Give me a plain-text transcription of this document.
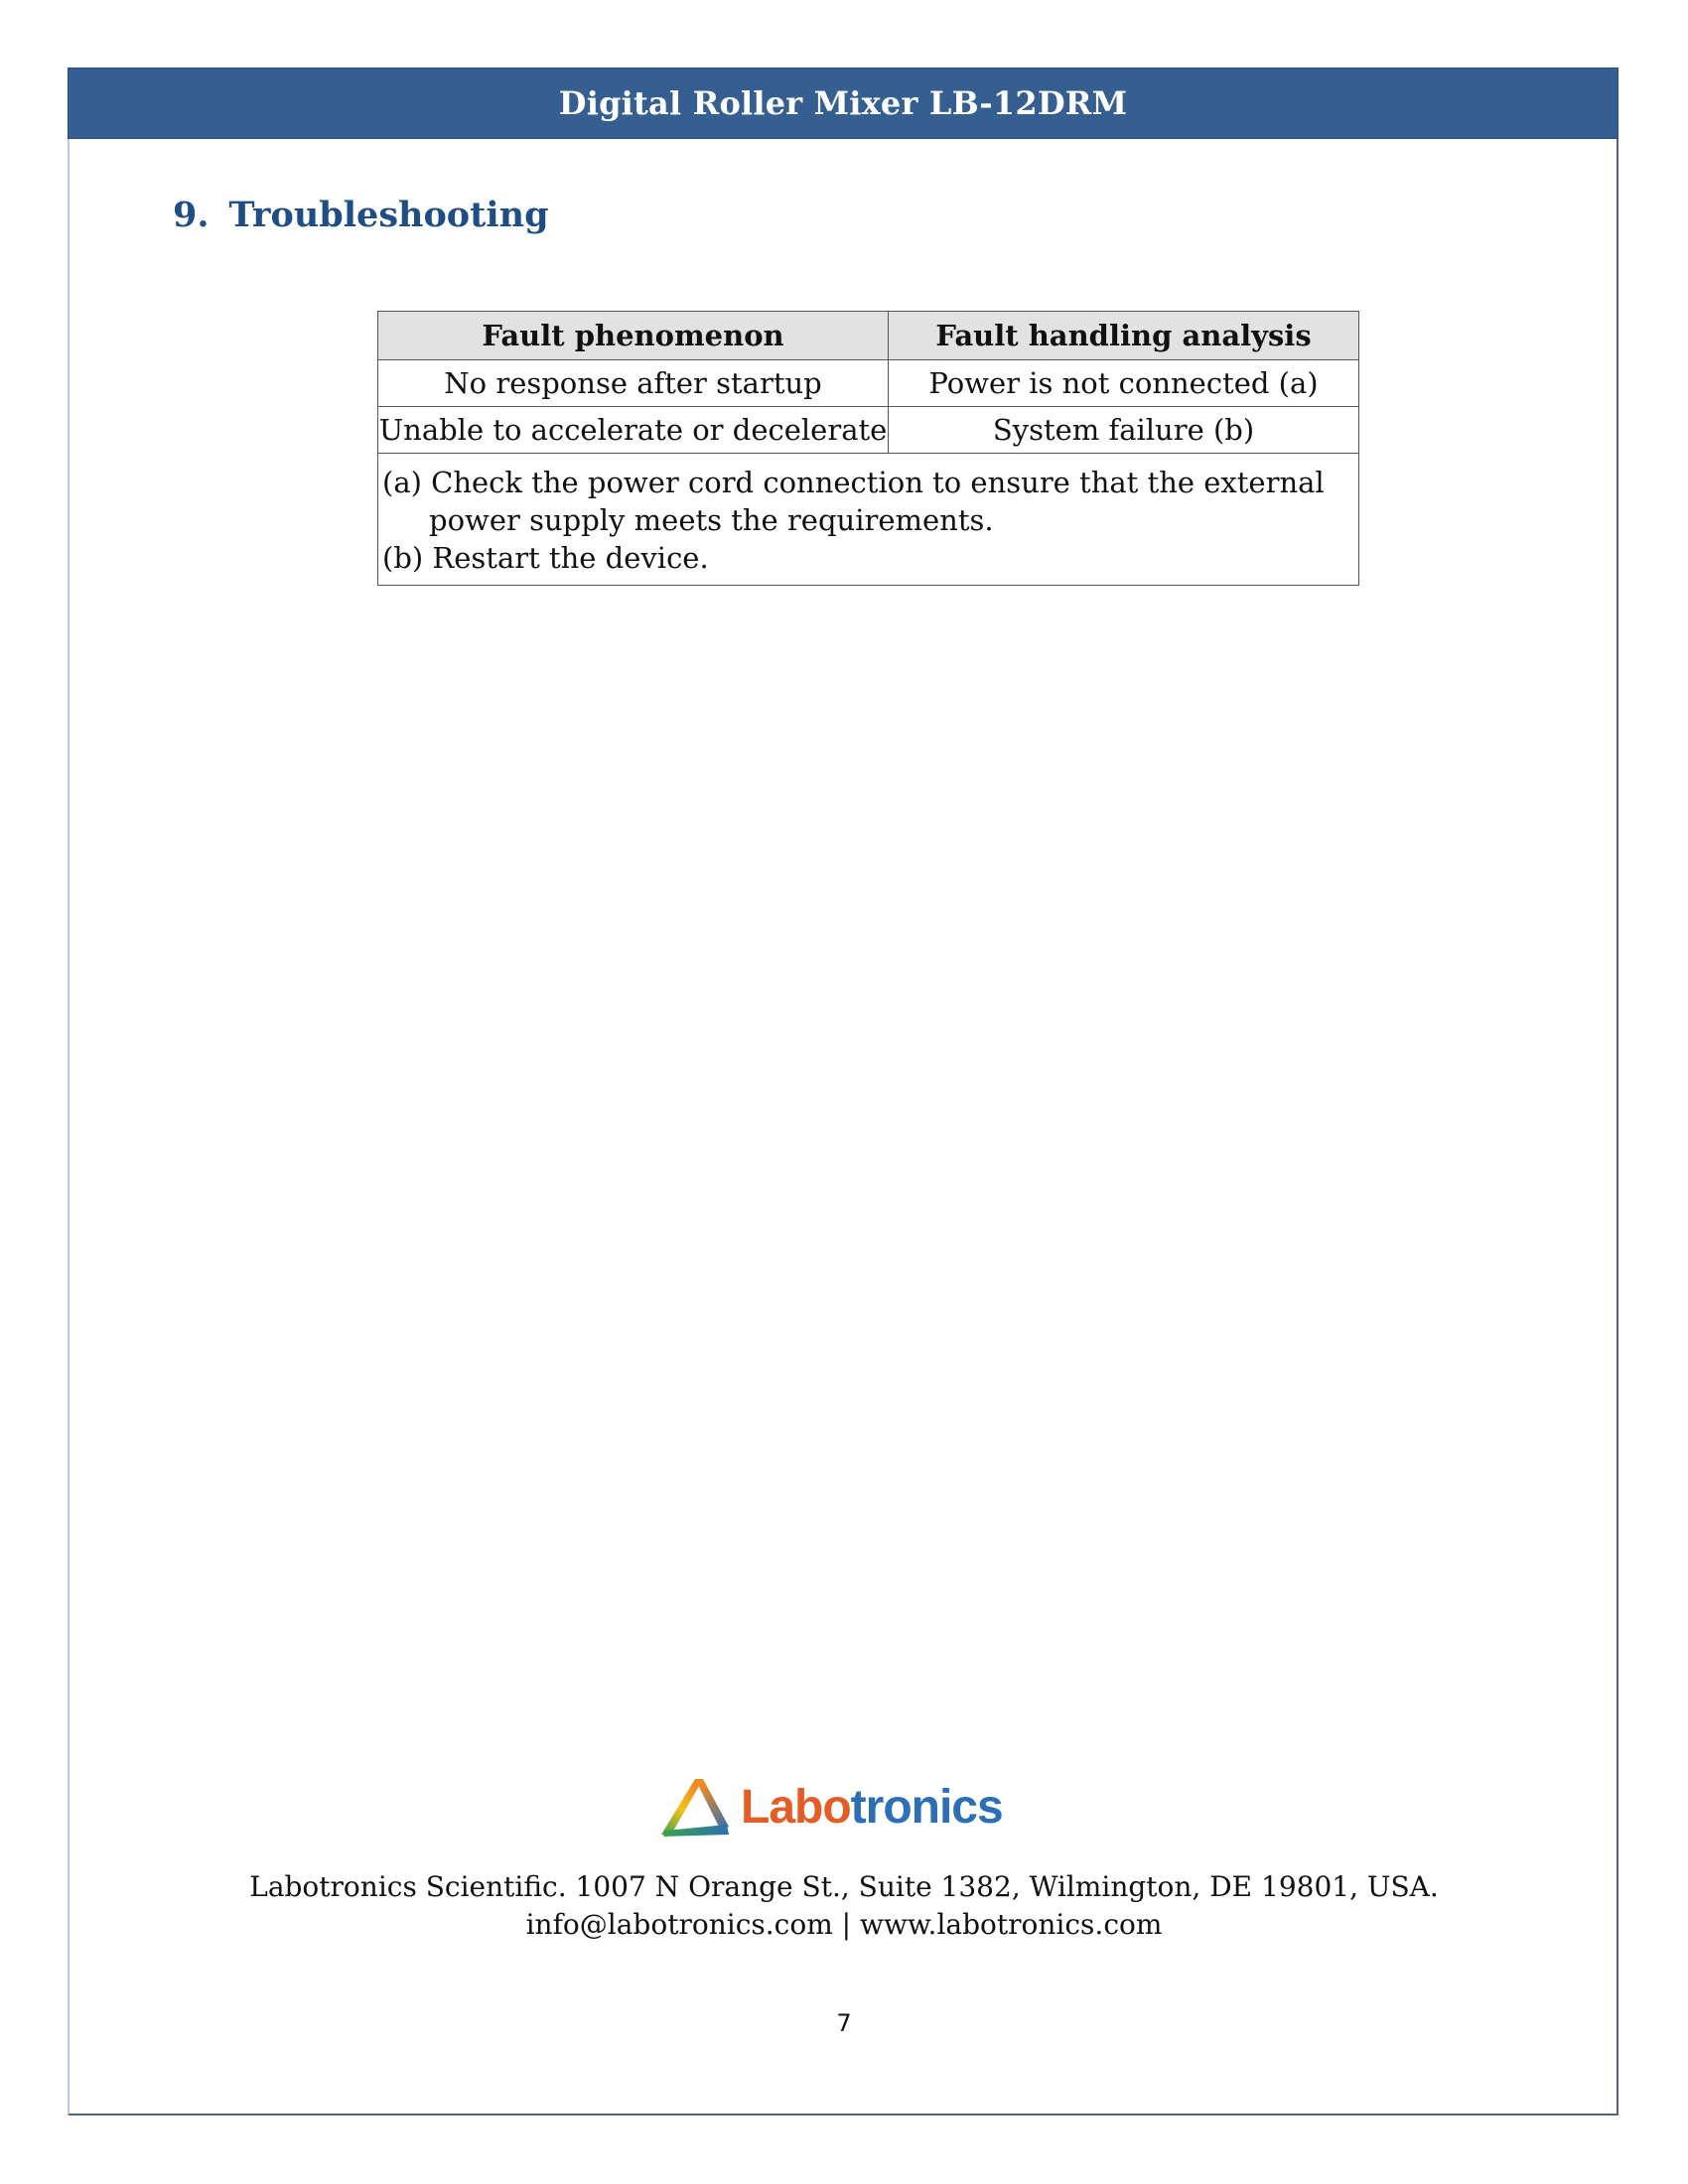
Digital Roller Mixer LB-12DRM
9. Troubleshooting
Fault phenomenon	Fault handling analysis
No response after startup	Power is not connected (a)
Unable to accelerate or decelerate	System failure (b)

(a) Check the power cord connection to ensure that the external
power supply meets the requirements.
(b) Restart the device.	
Labotronics
Labotronics Scientific. 1007 N Orange St., Suite 1382, Wilmington, DE 19801, USA.
info@labotronics.com | www.labotronics.com
7
